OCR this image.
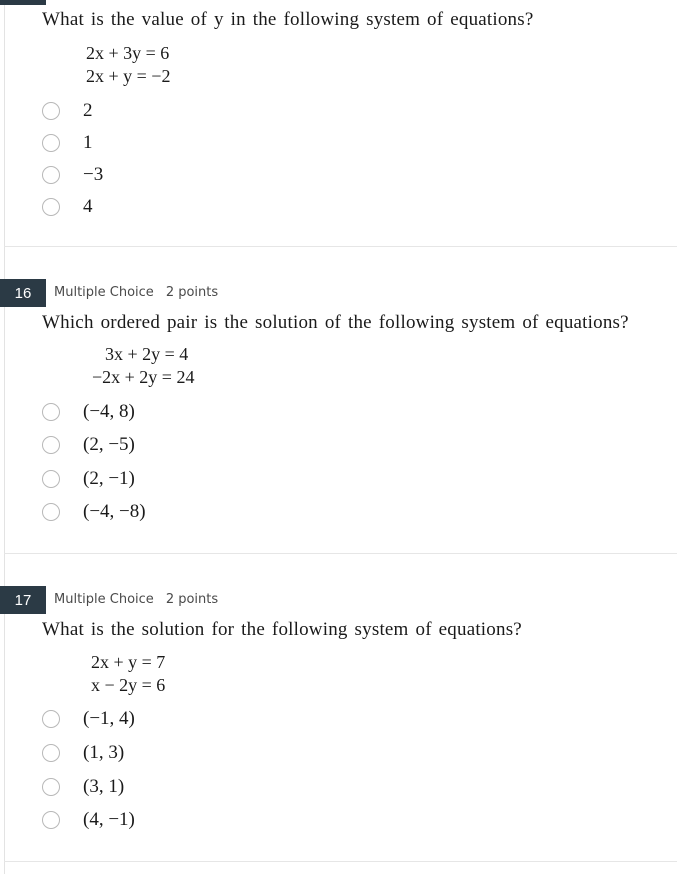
What is the value of y in the following system of equations?
2x + 3y = 6
2x + y = −2
2
1
−3
4
16	Multiple Choice 2 points
Which ordered pair is the solution of the following system of equations?
3x + 2y = 4
−2x + 2y = 24
(−4, 8)
(2, −5)
(2, −1)
(−4, −8)
17	Multiple Choice 2 points
What is the solution for the following system of equations?
2x + y = 7
x − 2y = 6
(−1, 4)
(1, 3)
(3, 1)
(4, −1)
